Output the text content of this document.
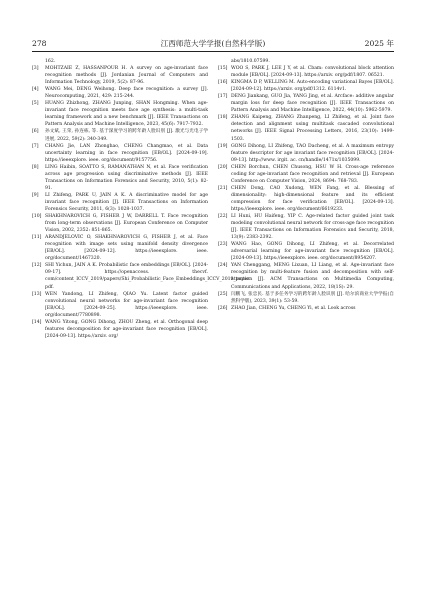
278	江西师范大学学报(自然科学版)	2025 年

162.

[3] MOHTZAIE Z, HASSANPOUR H. A survey on age-invariant face recognition methods [J]. Jordanian Journal of Computers and Information Technology, 2019, 5(2): 87-96.

[4] WANG Mei, DENG Weihong. Deep face recognition: a survey [J]. Neurocomputing, 2021, 429: 215-244.

[5] HUANG Zhizhong, ZHANG Junping, SHAN Hongming. When age-invariant face recognition meets face age synthesis: a multi-task learning framework and a new benchmark [J]. IEEE Transactions on Pattern Analysis and Machine Intelligence, 2023, 45(6): 7917-7932.

[6] 孙文斌, 王荣, 孙连栋, 等. 基于深度学习的跨年龄人脸识别 [J]. 激光与光电子学进展, 2022, 59(2): 340-349.

[7] CHANG Jie, LAN Zhonghao, CHENG Changmao, et al. Data uncertainty learning in face recognition [EB/OL]. [2024-09-19]. https://ieeexplore. ieee. org/document/9157756.

[8] LING Haibin, SOATTO S, RAMANATHAN N, et al. Face verification across age progression using discriminative methods [J]. IEEE Transactions on Information Forensics and Security, 2010, 5(1): 82-91.

[9] LI Zhifeng, PARK U, JAIN A K. A discriminative model for age invariant face recognition [J]. IEEE Transactions on Information Forensics Security, 2011, 6(3): 1028-1037.

[10] SHAKHNAROVICH G, FISHER J W, DARRELL T. Face recognition from long-term observations [J]. European Conference on Computer Vision, 2002, 2352: 851-865.

[11] ARANDJELOVIC O, SHAKHNAROVICH G, FISHER J, et al. Face recognition with image sets using manifold density divergence [EB/OL]. [2024-09-12]. https://ieeexplore. ieee. org/document/1467320.

[12] SHI Yichun, JAIN A K. Probabilistic face embeddings [EB/OL]. [2024-09-17]. https://openaccess. thecvf. com/content_ICCV_2019/papers/Shi_Probabilistic_Face_Embeddings_ICCV_2019_paper. pdf.

[13] WEN Yandong, LI Zhifeng, QIAO Yu. Latent factor guided convolutional neural networks for age-invariant face recognition [EB/OL]. [2024-09-25]. https://ieeexplore. ieee. org/document/7780898.

[14] WANG Yitong, GONG Dihong, ZHOU Zheng, et al. Orthogonal deep features decomposition for age-invariant face recognition [EB/OL]. [2024-09-13]. https://arxiv. org/

abs/1810.07599.

[15] WOO S, PARK J, LEE J Y, et al. Cbam: convolutional block attention module [EB/OL]. [2024-09-13]. https://arxiv. org/pdf/1807. 06521.

[16] KINGMA D P, WELLING M. Auto-encoding variational Bayes [EB/OL]. [2024-09-12]. https://arxiv. org/pdf/1312. 6114v1.

[17] DENG Jiankang, GUO Jia, YANG Jing, et al. Arcface: additive angular margin loss for deep face recognition [J]. IEEE Transactions on Pattern Analysis and Machine Intelligence, 2022, 44(10): 5962-5979.

[18] ZHANG Kaipeng, ZHANG Zhanpeng, LI Zhifeng, et al. Joint face detection and alignment using multitask cascaded convolutional networks [J]. IEEE Signal Processing Letters, 2016, 23(10): 1499-1503.

[19] GONG Dihong, LI Zhifeng, TAO Dacheng, et al. A maximum entropy feature descriptor for age invariant face recognition [EB/OL]. [2024-09-13]. http://www. irgit. ac. cn/handle/1471x/1035099.

[20] CHEN Borchun, CHEN Chusong, HSU W H. Cross-age reference coding for age-invariant face recognition and retrieval [J]. European Conference on Computer Vision, 2024, 8694: 768-783.

[21] CHEN Dong, CAO Xudong, WEN Fang, et al. Blessing of dimensionality: high-dimensional feature and its efficient compression for face verification [EB/OL]. [2024-09-13]. https://ieeexplore. ieee. org/document/6619233.

[22] LI Huni, HU Haifeng, YIP C. Age-related factor guided joint task modeling convolutional neural network for cross-age face recognition [J]. IEEE Transactions on Information Forensics and Security, 2018, 13(9): 2383-2392.

[23] WANG Hao, GONG Dihong, LI Zhifeng, et al. Decorrelated adversarial learning for age-invariant face recognition [EB/OL]. [2024-09-13]. https://ieeexplore. ieee. org/document/8954207.

[24] YAN Chenggang, MENG Lixuan, LI Liang, et al. Age-invariant face recognition by multi-feature fusion and decomposition with self-attention [J]. ACM Transactions on Multimedia Computing, Communications and Applications, 2022, 18(1S): 29.

[25] 闫鹏飞, 张忠民. 基于多任务学习的跨年龄人脸识别 [J]. 哈尔滨商业大学学报(自然科学版), 2023, 39(1): 53-59.

[26] ZHAO Jian, CHENG Yu, CHENG Yi, et al. Look across
